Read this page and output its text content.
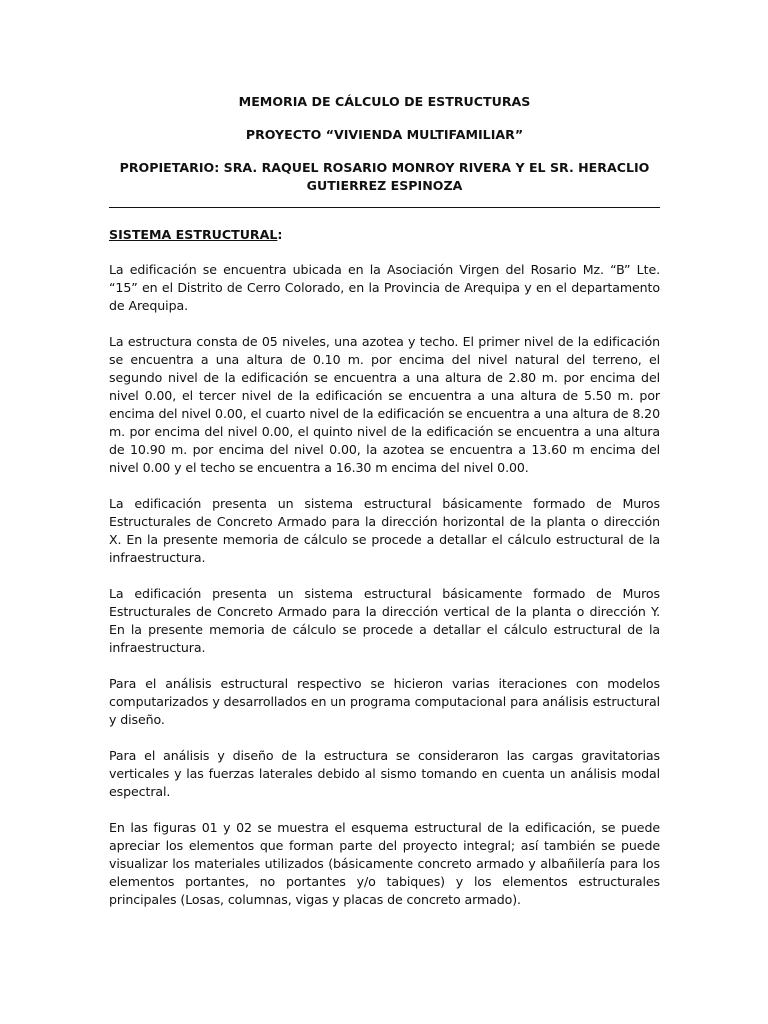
MEMORIA DE CÁLCULO DE ESTRUCTURAS
PROYECTO “VIVIENDA MULTIFAMILIAR”
PROPIETARIO: SRA. RAQUEL ROSARIO MONROY RIVERA Y EL SR. HERACLIO GUTIERREZ ESPINOZA
SISTEMA ESTRUCTURAL:

La edificación se encuentra ubicada en la Asociación Virgen del Rosario Mz. “B” Lte. “15” en el Distrito de Cerro Colorado, en la Provincia de Arequipa y en el departamento de Arequipa.

La estructura consta de 05 niveles, una azotea y techo. El primer nivel de la edificación se encuentra a una altura de 0.10 m. por encima del nivel natural del terreno, el segundo nivel de la edificación se encuentra a una altura de 2.80 m. por encima del nivel 0.00, el tercer nivel de la edificación se encuentra a una altura de 5.50 m. por encima del nivel 0.00, el cuarto nivel de la edificación se encuentra a una altura de 8.20 m. por encima del nivel 0.00, el quinto nivel de la edificación se encuentra a una altura de 10.90 m. por encima del nivel 0.00, la azotea se encuentra a 13.60 m encima del nivel 0.00 y el techo se encuentra a 16.30 m encima del nivel 0.00.

La edificación presenta un sistema estructural básicamente formado de Muros Estructurales de Concreto Armado para la dirección horizontal de la planta o dirección X. En la presente memoria de cálculo se procede a detallar el cálculo estructural de la infraestructura.

La edificación presenta un sistema estructural básicamente formado de Muros Estructurales de Concreto Armado para la dirección vertical de la planta o dirección Y. En la presente memoria de cálculo se procede a detallar el cálculo estructural de la infraestructura.

Para el análisis estructural respectivo se hicieron varias iteraciones con modelos computarizados y desarrollados en un programa computacional para análisis estructural y diseño.

Para el análisis y diseño de la estructura se consideraron las cargas gravitatorias verticales y las fuerzas laterales debido al sismo tomando en cuenta un análisis modal espectral.

En las figuras 01 y 02 se muestra el esquema estructural de la edificación, se puede apreciar los elementos que forman parte del proyecto integral; así también se puede visualizar los materiales utilizados (básicamente concreto armado y albañilería para los elementos portantes, no portantes y/o tabiques) y los elementos estructurales principales (Losas, columnas, vigas y placas de concreto armado).
